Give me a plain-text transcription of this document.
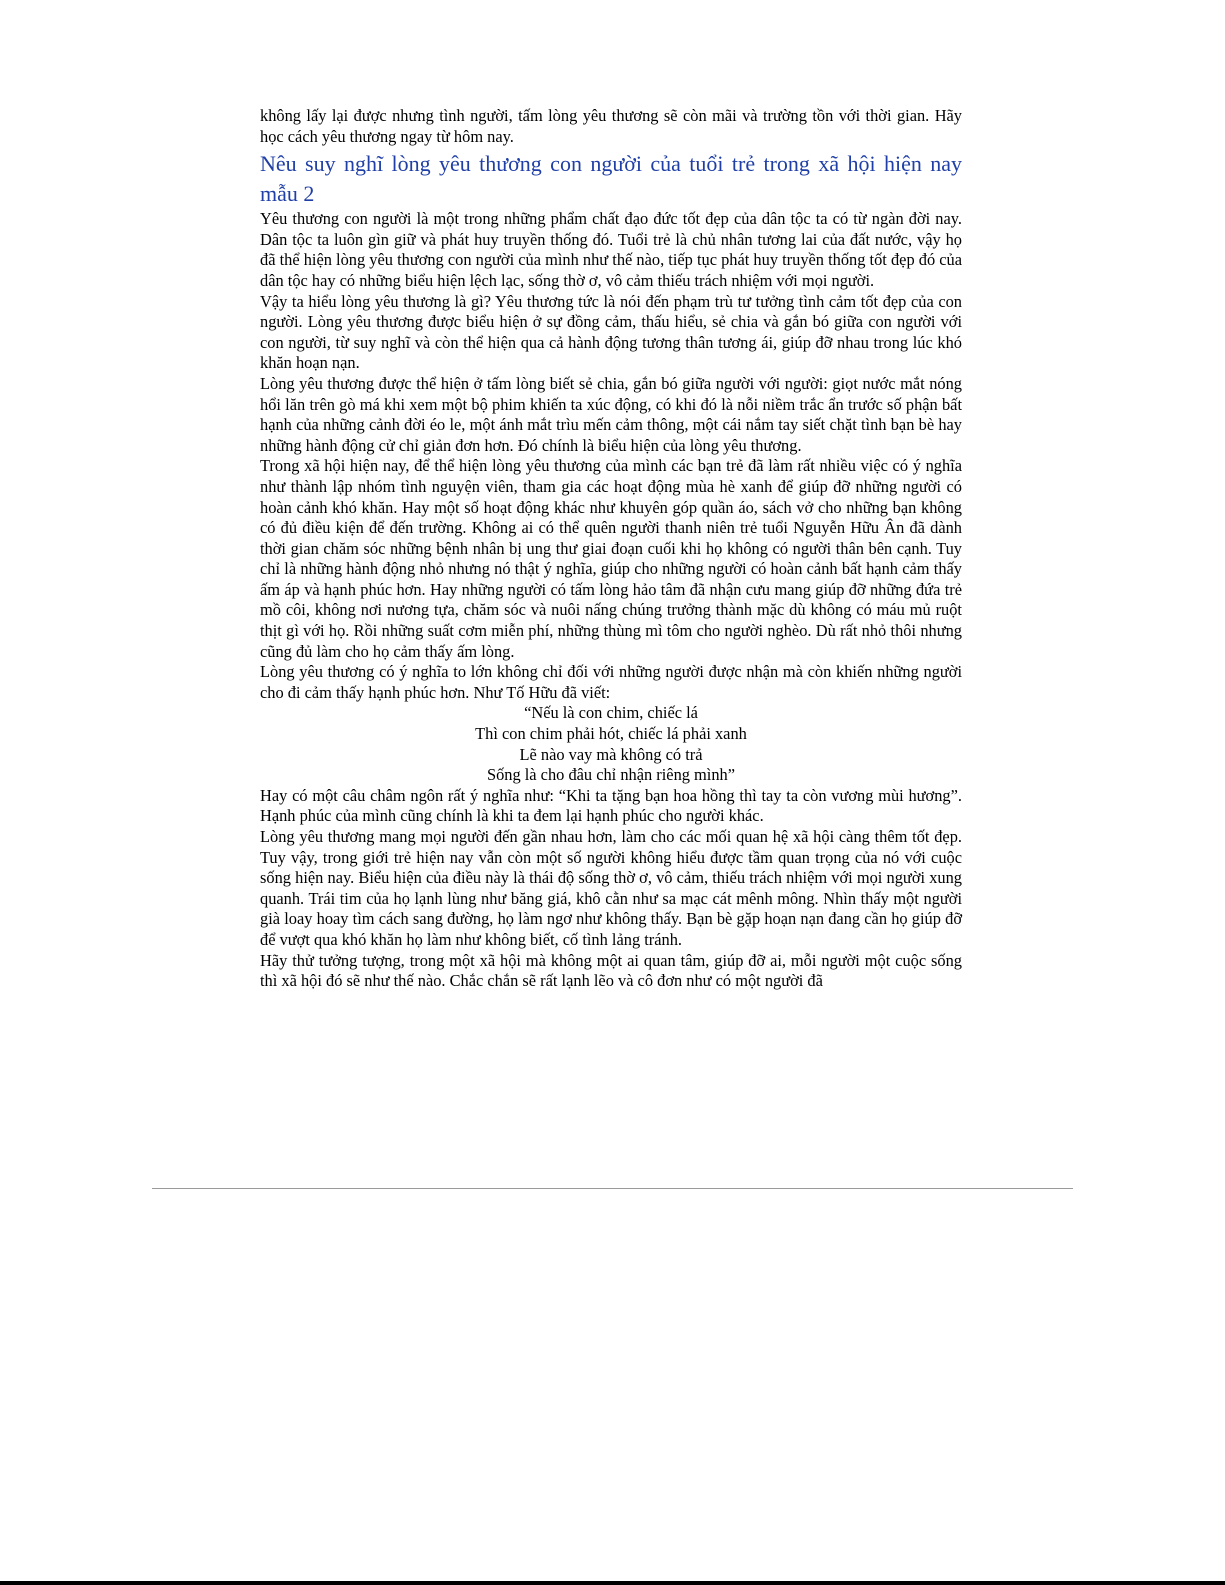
không lấy lại được nhưng tình người, tấm lòng yêu thương sẽ còn mãi và trường tồn với thời gian. Hãy học cách yêu thương ngay từ hôm nay.

Nêu suy nghĩ lòng yêu thương con người của tuổi trẻ trong xã hội hiện nay mẫu 2

Yêu thương con người là một trong những phẩm chất đạo đức tốt đẹp của dân tộc ta có từ ngàn đời nay. Dân tộc ta luôn gìn giữ và phát huy truyền thống đó. Tuổi trẻ là chủ nhân tương lai của đất nước, vậy họ đã thể hiện lòng yêu thương con người của mình như thế nào, tiếp tục phát huy truyền thống tốt đẹp đó của dân tộc hay có những biểu hiện lệch lạc, sống thờ ơ, vô cảm thiếu trách nhiệm với mọi người.

Vậy ta hiểu lòng yêu thương là gì? Yêu thương tức là nói đến phạm trù tư tưởng tình cảm tốt đẹp của con người. Lòng yêu thương được biểu hiện ở sự đồng cảm, thấu hiểu, sẻ chia và gắn bó giữa con người với con người, từ suy nghĩ và còn thể hiện qua cả hành động tương thân tương ái, giúp đỡ nhau trong lúc khó khăn hoạn nạn.

Lòng yêu thương được thể hiện ở tấm lòng biết sẻ chia, gắn bó giữa người với người: giọt nước mắt nóng hổi lăn trên gò má khi xem một bộ phim khiến ta xúc động, có khi đó là nỗi niềm trắc ẩn trước số phận bất hạnh của những cảnh đời éo le, một ánh mắt trìu mến cảm thông, một cái nắm tay siết chặt tình bạn bè hay những hành động cử chỉ giản đơn hơn. Đó chính là biểu hiện của lòng yêu thương.

Trong xã hội hiện nay, để thể hiện lòng yêu thương của mình các bạn trẻ đã làm rất nhiều việc có ý nghĩa như thành lập nhóm tình nguyện viên, tham gia các hoạt động mùa hè xanh để giúp đỡ những người có hoàn cảnh khó khăn. Hay một số hoạt động khác như khuyên góp quần áo, sách vở cho những bạn không có đủ điều kiện để đến trường. Không ai có thể quên người thanh niên trẻ tuổi Nguyễn Hữu Ân đã dành thời gian chăm sóc những bệnh nhân bị ung thư giai đoạn cuối khi họ không có người thân bên cạnh. Tuy chỉ là những hành động nhỏ nhưng nó thật ý nghĩa, giúp cho những người có hoàn cảnh bất hạnh cảm thấy ấm áp và hạnh phúc hơn. Hay những người có tấm lòng hảo tâm đã nhận cưu mang giúp đỡ những đứa trẻ mồ côi, không nơi nương tựa, chăm sóc và nuôi nấng chúng trưởng thành mặc dù không có máu mủ ruột thịt gì với họ. Rồi những suất cơm miễn phí, những thùng mì tôm cho người nghèo. Dù rất nhỏ thôi nhưng cũng đủ làm cho họ cảm thấy ấm lòng.

Lòng yêu thương có ý nghĩa to lớn không chỉ đối với những người được nhận mà còn khiến những người cho đi cảm thấy hạnh phúc hơn. Như Tố Hữu đã viết:

“Nếu là con chim, chiếc lá
Thì con chim phải hót, chiếc lá phải xanh
Lẽ nào vay mà không có trả
Sống là cho đâu chỉ nhận riêng mình”

Hay có một câu châm ngôn rất ý nghĩa như: “Khi ta tặng bạn hoa hồng thì tay ta còn vương mùi hương”. Hạnh phúc của mình cũng chính là khi ta đem lại hạnh phúc cho người khác.

Lòng yêu thương mang mọi người đến gần nhau hơn, làm cho các mối quan hệ xã hội càng thêm tốt đẹp. Tuy vậy, trong giới trẻ hiện nay vẫn còn một số người không hiểu được tầm quan trọng của nó với cuộc sống hiện nay. Biểu hiện của điều này là thái độ sống thờ ơ, vô cảm, thiếu trách nhiệm với mọi người xung quanh. Trái tim của họ lạnh lùng như băng giá, khô cằn như sa mạc cát mênh mông. Nhìn thấy một người già loay hoay tìm cách sang đường, họ làm ngơ như không thấy. Bạn bè gặp hoạn nạn đang cần họ giúp đỡ để vượt qua khó khăn họ làm như không biết, cố tình lảng tránh.

Hãy thử tưởng tượng, trong một xã hội mà không một ai quan tâm, giúp đỡ ai, mỗi người một cuộc sống thì xã hội đó sẽ như thế nào. Chắc chắn sẽ rất lạnh lẽo và cô đơn như có một người đã
